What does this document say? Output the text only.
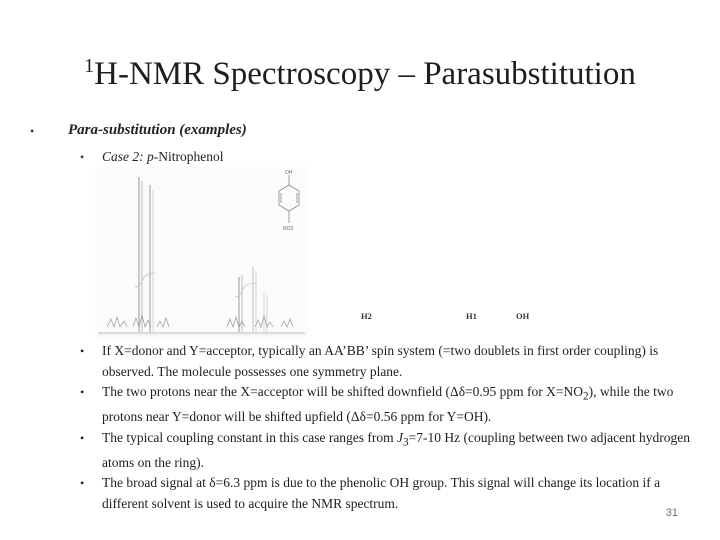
$^1$H-NMR Spectroscopy – Parasubstitution
• Para-substitution (examples)
• Case 2: p-Nitrophenol
OH
NO2
H2	H1	OH

• If X=donor and Y=acceptor, typically an AA’BB’ spin system (=two doublets in first order coupling) is observed. The molecule possesses one symmetry plane.

• The two protons near the X=acceptor will be shifted downfield (Δδ=0.95 ppm for $X=NO_2$), while the two protons near Y=donor will be shifted upfield (Δδ=0.56 ppm for Y=OH).

• The typical coupling constant in this case ranges from $J_3=7-10$ Hz (coupling between two adjacent hydrogen atoms on the ring).

• The broad signal at δ=6.3 ppm is due to the phenolic OH group. This signal will change its location if a different solvent is used to acquire the NMR spectrum.

31
